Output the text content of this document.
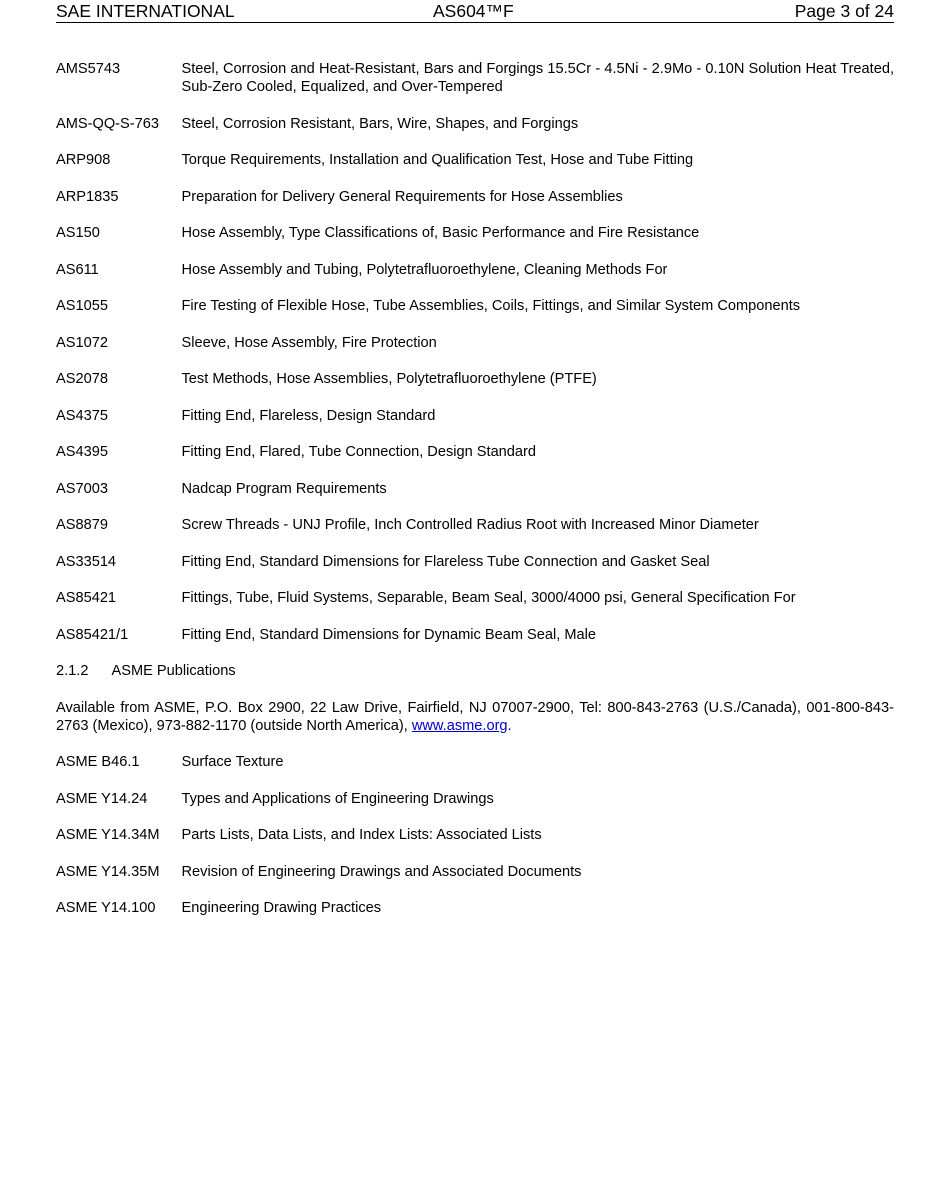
SAE INTERNATIONAL	AS604™F	Page 3 of 24
AMS5743	Steel, Corrosion and Heat-Resistant, Bars and Forgings 15.5Cr - 4.5Ni - 2.9Mo - 0.10N Solution Heat Treated, Sub-Zero Cooled, Equalized, and Over-Tempered
AMS-QQ-S-763	Steel, Corrosion Resistant, Bars, Wire, Shapes, and Forgings
ARP908	Torque Requirements, Installation and Qualification Test, Hose and Tube Fitting
ARP1835	Preparation for Delivery General Requirements for Hose Assemblies
AS150	Hose Assembly, Type Classifications of, Basic Performance and Fire Resistance
AS611	Hose Assembly and Tubing, Polytetrafluoroethylene, Cleaning Methods For
AS1055	Fire Testing of Flexible Hose, Tube Assemblies, Coils, Fittings, and Similar System Components
AS1072	Sleeve, Hose Assembly, Fire Protection
AS2078	Test Methods, Hose Assemblies, Polytetrafluoroethylene (PTFE)
AS4375	Fitting End, Flareless, Design Standard
AS4395	Fitting End, Flared, Tube Connection, Design Standard
AS7003	Nadcap Program Requirements
AS8879	Screw Threads - UNJ Profile, Inch Controlled Radius Root with Increased Minor Diameter
AS33514	Fitting End, Standard Dimensions for Flareless Tube Connection and Gasket Seal
AS85421	Fittings, Tube, Fluid Systems, Separable, Beam Seal, 3000/4000 psi, General Specification For
AS85421/1	Fitting End, Standard Dimensions for Dynamic Beam Seal, Male
2.1.2 ASME Publications
Available from ASME, P.O. Box 2900, 22 Law Drive, Fairfield, NJ 07007-2900, Tel: 800-843-2763 (U.S./Canada), 001-800-843-2763 (Mexico), 973-882-1170 (outside North America), www.asme.org.
ASME B46.1	Surface Texture
ASME Y14.24	Types and Applications of Engineering Drawings
ASME Y14.34M	Parts Lists, Data Lists, and Index Lists: Associated Lists
ASME Y14.35M	Revision of Engineering Drawings and Associated Documents
ASME Y14.100	Engineering Drawing Practices
